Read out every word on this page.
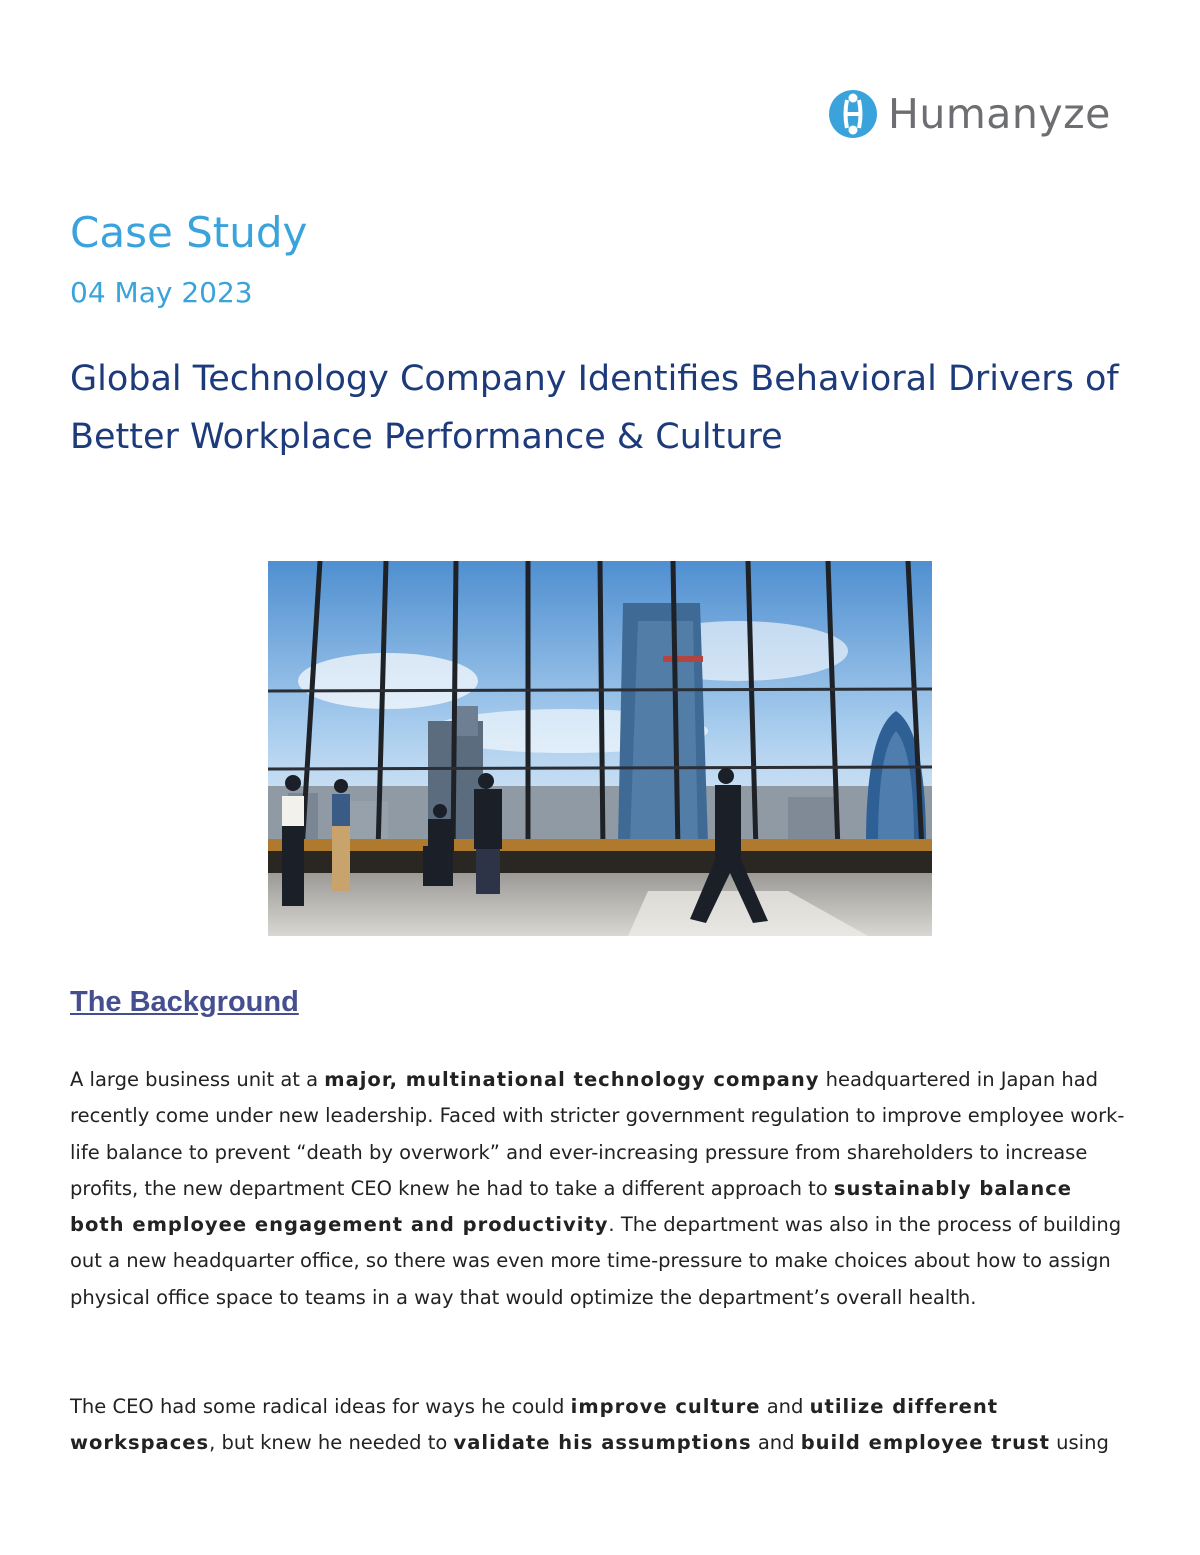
Humanyze
Case Study
04 May 2023
Global Technology Company Identifies Behavioral Drivers of Better Workplace Performance & Culture
The Background

A large business unit at a major, multinational technology company headquartered in Japan had recently come under new leadership. Faced with stricter government regulation to improve employee work-life balance to prevent “death by overwork” and ever-increasing pressure from shareholders to increase profits, the new department CEO knew he had to take a different approach to sustainably balance both employee engagement and productivity. The department was also in the process of building out a new headquarter office, so there was even more time-pressure to make choices about how to assign physical office space to teams in a way that would optimize the department’s overall health.

The CEO had some radical ideas for ways he could improve culture and utilize different workspaces, but knew he needed to validate his assumptions and build employee trust using
